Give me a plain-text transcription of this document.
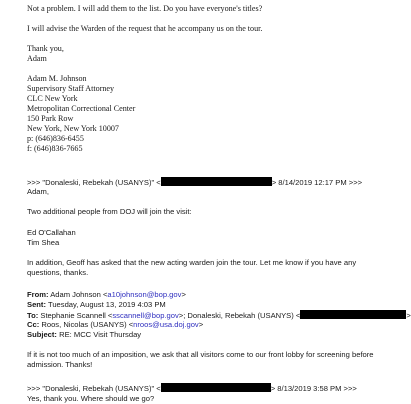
Not a problem. I will add them to the list. Do you have everyone's titles?
I will advise the Warden of the request that he accompany us on the tour.
Thank you,
Adam
Adam M. Johnson
Supervisory Staff Attorney
CLC New York
Metropolitan Correctional Center
150 Park Row
New York, New York 10007
p: (646)836-6455
f: (646)836-7665
>>> "Donaleski, Rebekah (USANYS)" <	> 8/14/2019 12:17 PM >>>
Adam,
Two additional people from DOJ will join the visit:
Ed O'Callahan
Tim Shea
In addition, Geoff has asked that the new acting warden join the tour. Let me know if you have any
questions, thanks.
From: Adam Johnson <a10johnson@bop.gov>
Sent: Tuesday, August 13, 2019 4:03 PM
To: Stephanie Scannell <sscannell@bop.gov>; Donaleski, Rebekah (USANYS) <	>
Cc: Roos, Nicolas (USANYS) <nroos@usa.doj.gov>
Subject: RE: MCC Visit Thursday
If it is not too much of an imposition, we ask that all visitors come to our front lobby for screening before
admission. Thanks!
>>> "Donaleski, Rebekah (USANYS)" <	> 8/13/2019 3:58 PM >>>
Yes, thank you. Where should we go?
